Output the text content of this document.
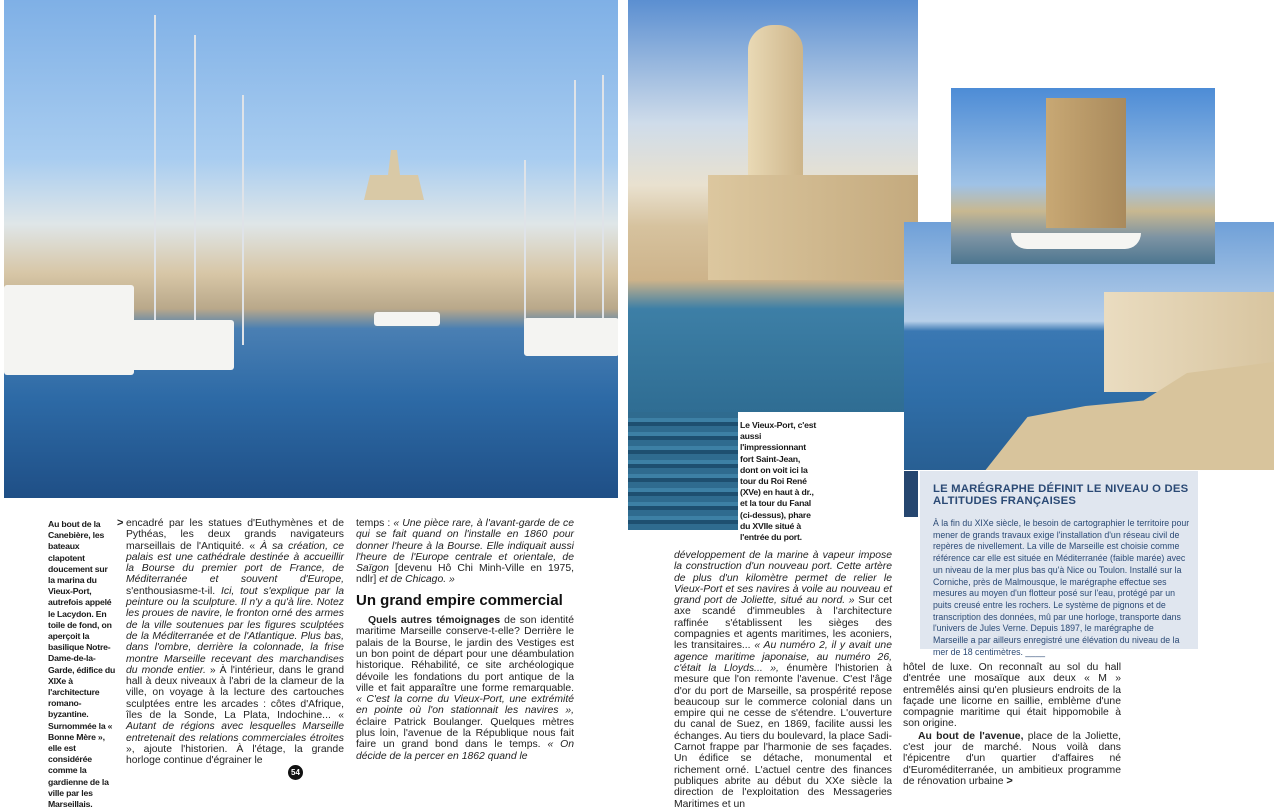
Au bout de la Canebière, les bateaux clapotent doucement sur la marina du Vieux-Port, autrefois appelé le Lacydon. En toile de fond, on aperçoit la basilique Notre-Dame-de-la-Garde, édifice du XIXe à l'architecture romano-byzantine. Surnommée la « Bonne Mère », elle est considérée comme la gardienne de la ville par les Marseillais.
> encadré par les statues d'Euthymènes et de Pythéas, les deux grands navigateurs marseillais de l'Antiquité. « À sa création, ce palais est une cathédrale destinée à accueillir la Bourse du premier port de France, de Méditerranée et souvent d'Europe, s'enthousiasme-t-il. Ici, tout s'explique par la peinture ou la sculpture. Il n'y a qu'à lire. Notez les proues de navire, le fronton orné des armes de la ville soutenues par les figures sculptées de la Méditerranée et de l'Atlantique. Plus bas, dans l'ombre, derrière la colonnade, la frise montre Marseille recevant des marchandises du monde entier. » À l'intérieur, dans le grand hall à deux niveaux à l'abri de la clameur de la ville, on voyage à la lecture des cartouches sculptées entre les arcades : côtes d'Afrique, îles de la Sonde, La Plata, Indochine... « Autant de régions avec lesquelles Marseille entretenait des relations commerciales étroites », ajoute l'historien. À l'étage, la grande horloge continue d'égrainer le

temps : « Une pièce rare, à l'avant-garde de ce qui se fait quand on l'installe en 1860 pour donner l'heure à la Bourse. Elle indiquait aussi l'heure de l'Europe centrale et orientale, de Saïgon [devenu Hô Chi Minh-Ville en 1975, ndlr] et de Chicago. »

Un grand empire commercial

Quels autres témoignages de son identité maritime Marseille conserve-t-elle? Derrière le palais de la Bourse, le jardin des Vestiges est un bon point de départ pour une déambulation historique. Réhabilité, ce site archéologique dévoile les fondations du port antique de la ville et fait apparaître une forme remarquable. « C'est la corne du Vieux-Port, une extrémité en pointe où l'on stationnait les navires », éclaire Patrick Boulanger. Quelques mètres plus loin, l'avenue de la République nous fait faire un grand bond dans le temps. « On décide de la percer en 1862 quand le

Le Vieux-Port, c'est aussi l'impressionnant fort Saint-Jean, dont on voit ici la tour du Roi René (XVe) en haut à dr., et la tour du Fanal (ci-dessus), phare du XVIIe situé à l'entrée du port.

développement de la marine à vapeur impose la construction d'un nouveau port. Cette artère de plus d'un kilomètre permet de relier le Vieux-Port et ses navires à voile au nouveau et grand port de Joliette, situé au nord. » Sur cet axe scandé d'immeubles à l'architecture raffinée s'établissent les sièges des compagnies et agents maritimes, les aconiers, les transitaires... « Au numéro 2, il y avait une agence maritime japonaise, au numéro 26, c'était la Lloyds... », énumère l'historien à mesure que l'on remonte l'avenue. C'est l'âge d'or du port de Marseille, sa prospérité repose beaucoup sur le commerce colonial dans un empire qui ne cesse de s'étendre. L'ouverture du canal de Suez, en 1869, facilite aussi les échanges. Au tiers du boulevard, la place Sadi-Carnot frappe par l'harmonie de ses façades. Un édifice se détache, monumental et richement orné. L'actuel centre des finances publiques abrite au début du XXe siècle la direction de l'exploitation des Messageries Maritimes et un

LE MARÉGRAPHE DÉFINIT LE NIVEAU O DES ALTITUDES FRANÇAISES
À la fin du XIXe siècle, le besoin de cartographier le territoire pour mener de grands travaux exige l'installation d'un réseau civil de repères de nivellement. La ville de Marseille est choisie comme référence car elle est située en Méditerranée (faible marée) avec un niveau de la mer plus bas qu'à Nice ou Toulon. Installé sur la Corniche, près de Malmousque, le marégraphe effectue ses mesures au moyen d'un flotteur posé sur l'eau, protégé par un puits creusé entre les rochers. Le système de pignons et de transcription des données, mû par une horloge, transporte dans l'univers de Jules Verne. Depuis 1897, le marégraphe de Marseille a par ailleurs enregistré une élévation du niveau de la mer de 18 centimètres. ____

hôtel de luxe. On reconnaît au sol du hall d'entrée une mosaïque aux deux « M » entremêlés ainsi qu'en plusieurs endroits de la façade une licorne en saillie, emblème d'une compagnie maritime qui était hippomobile à son origine.

Au bout de l'avenue, place de la Joliette, c'est jour de marché. Nous voilà dans l'épicentre d'un quartier d'affaires né d'Euroméditerranée, un ambitieux programme de rénovation urbaine >

54
